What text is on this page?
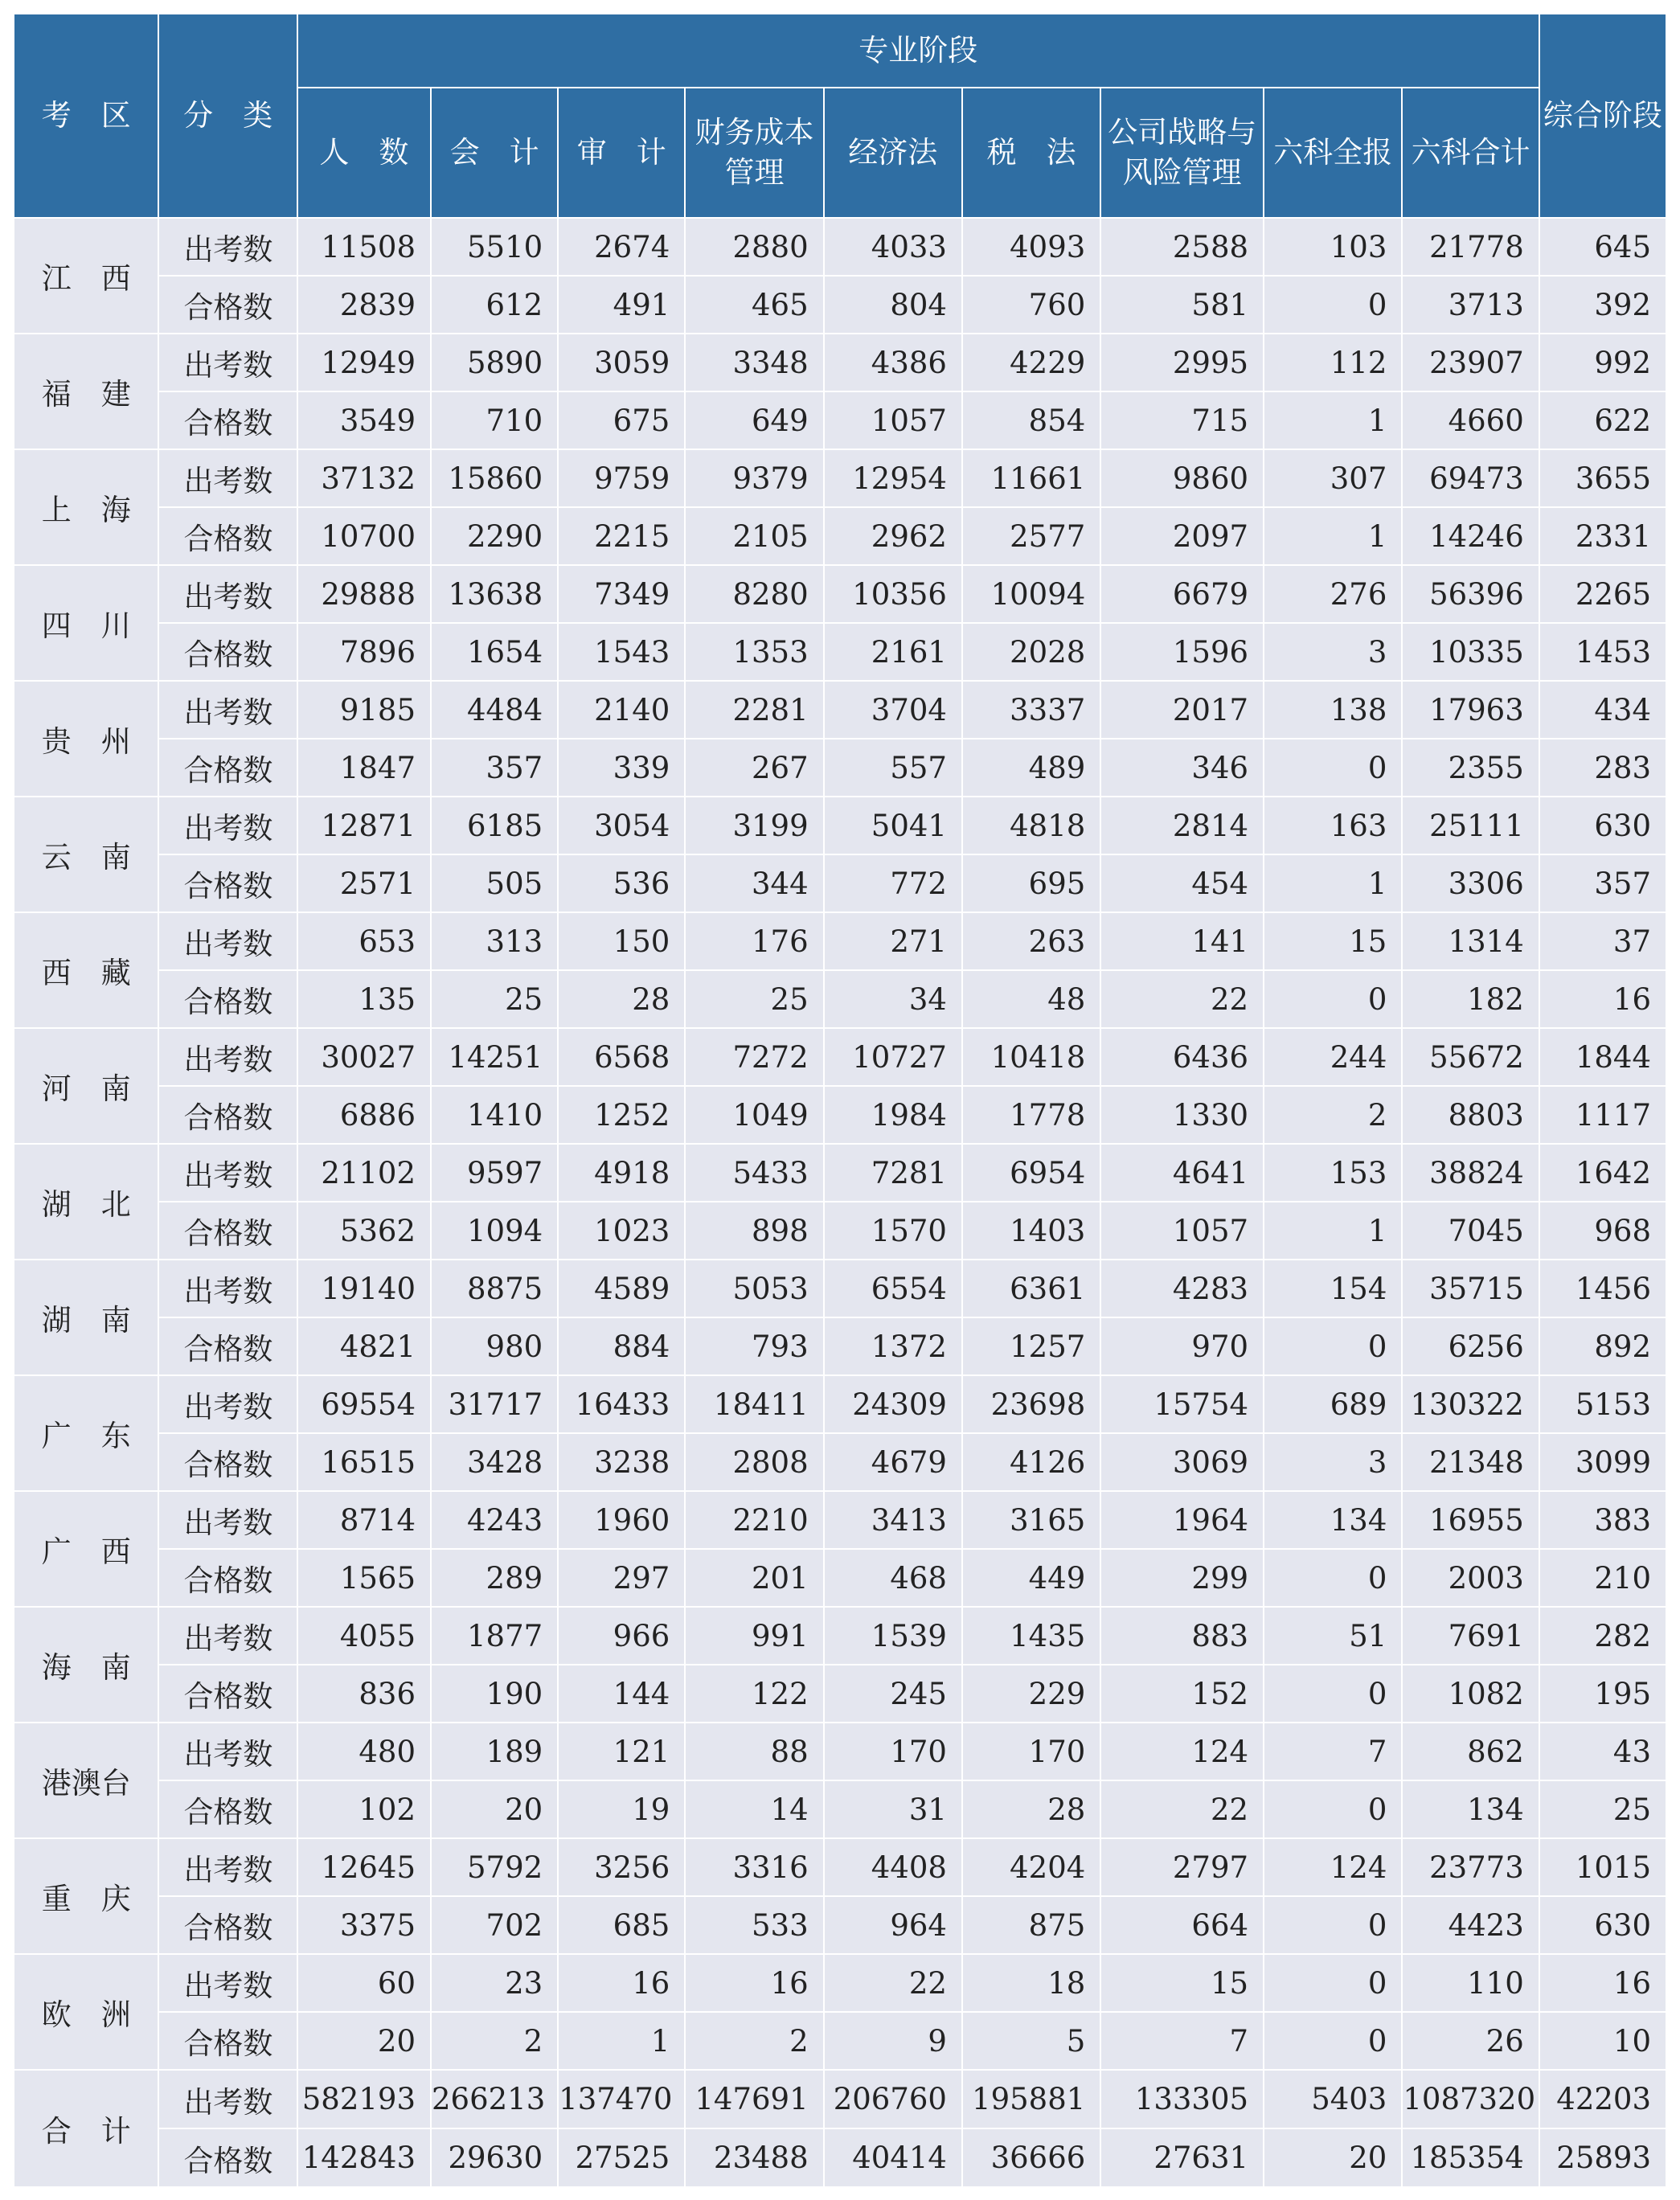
考　区	分　类	专业阶段									综合阶段
		人　数	会　计	审　计	财务成本管理	经济法	税　法	公司战略与风险管理	六科全报	六科合计	
江　西	出考数	11508	5510	2674	2880	4033	4093	2588	103	21778	645
	合格数	2839	612	491	465	804	760	581	0	3713	392
福　建	出考数	12949	5890	3059	3348	4386	4229	2995	112	23907	992
	合格数	3549	710	675	649	1057	854	715	1	4660	622
上　海	出考数	37132	15860	9759	9379	12954	11661	9860	307	69473	3655
	合格数	10700	2290	2215	2105	2962	2577	2097	1	14246	2331
四　川	出考数	29888	13638	7349	8280	10356	10094	6679	276	56396	2265
	合格数	7896	1654	1543	1353	2161	2028	1596	3	10335	1453
贵　州	出考数	9185	4484	2140	2281	3704	3337	2017	138	17963	434
	合格数	1847	357	339	267	557	489	346	0	2355	283
云　南	出考数	12871	6185	3054	3199	5041	4818	2814	163	25111	630
	合格数	2571	505	536	344	772	695	454	1	3306	357
西　藏	出考数	653	313	150	176	271	263	141	15	1314	37
	合格数	135	25	28	25	34	48	22	0	182	16
河　南	出考数	30027	14251	6568	7272	10727	10418	6436	244	55672	1844
	合格数	6886	1410	1252	1049	1984	1778	1330	2	8803	1117
湖　北	出考数	21102	9597	4918	5433	7281	6954	4641	153	38824	1642
	合格数	5362	1094	1023	898	1570	1403	1057	1	7045	968
湖　南	出考数	19140	8875	4589	5053	6554	6361	4283	154	35715	1456
	合格数	4821	980	884	793	1372	1257	970	0	6256	892
广　东	出考数	69554	31717	16433	18411	24309	23698	15754	689	130322	5153
	合格数	16515	3428	3238	2808	4679	4126	3069	3	21348	3099
广　西	出考数	8714	4243	1960	2210	3413	3165	1964	134	16955	383
	合格数	1565	289	297	201	468	449	299	0	2003	210
海　南	出考数	4055	1877	966	991	1539	1435	883	51	7691	282
	合格数	836	190	144	122	245	229	152	0	1082	195
港澳台	出考数	480	189	121	88	170	170	124	7	862	43
	合格数	102	20	19	14	31	28	22	0	134	25
重　庆	出考数	12645	5792	3256	3316	4408	4204	2797	124	23773	1015
	合格数	3375	702	685	533	964	875	664	0	4423	630
欧　洲	出考数	60	23	16	16	22	18	15	0	110	16
	合格数	20	2	1	2	9	5	7	0	26	10
合　计	出考数	582193	266213	137470	147691	206760	195881	133305	5403	1087320	42203
	合格数	142843	29630	27525	23488	40414	36666	27631	20	185354	25893
